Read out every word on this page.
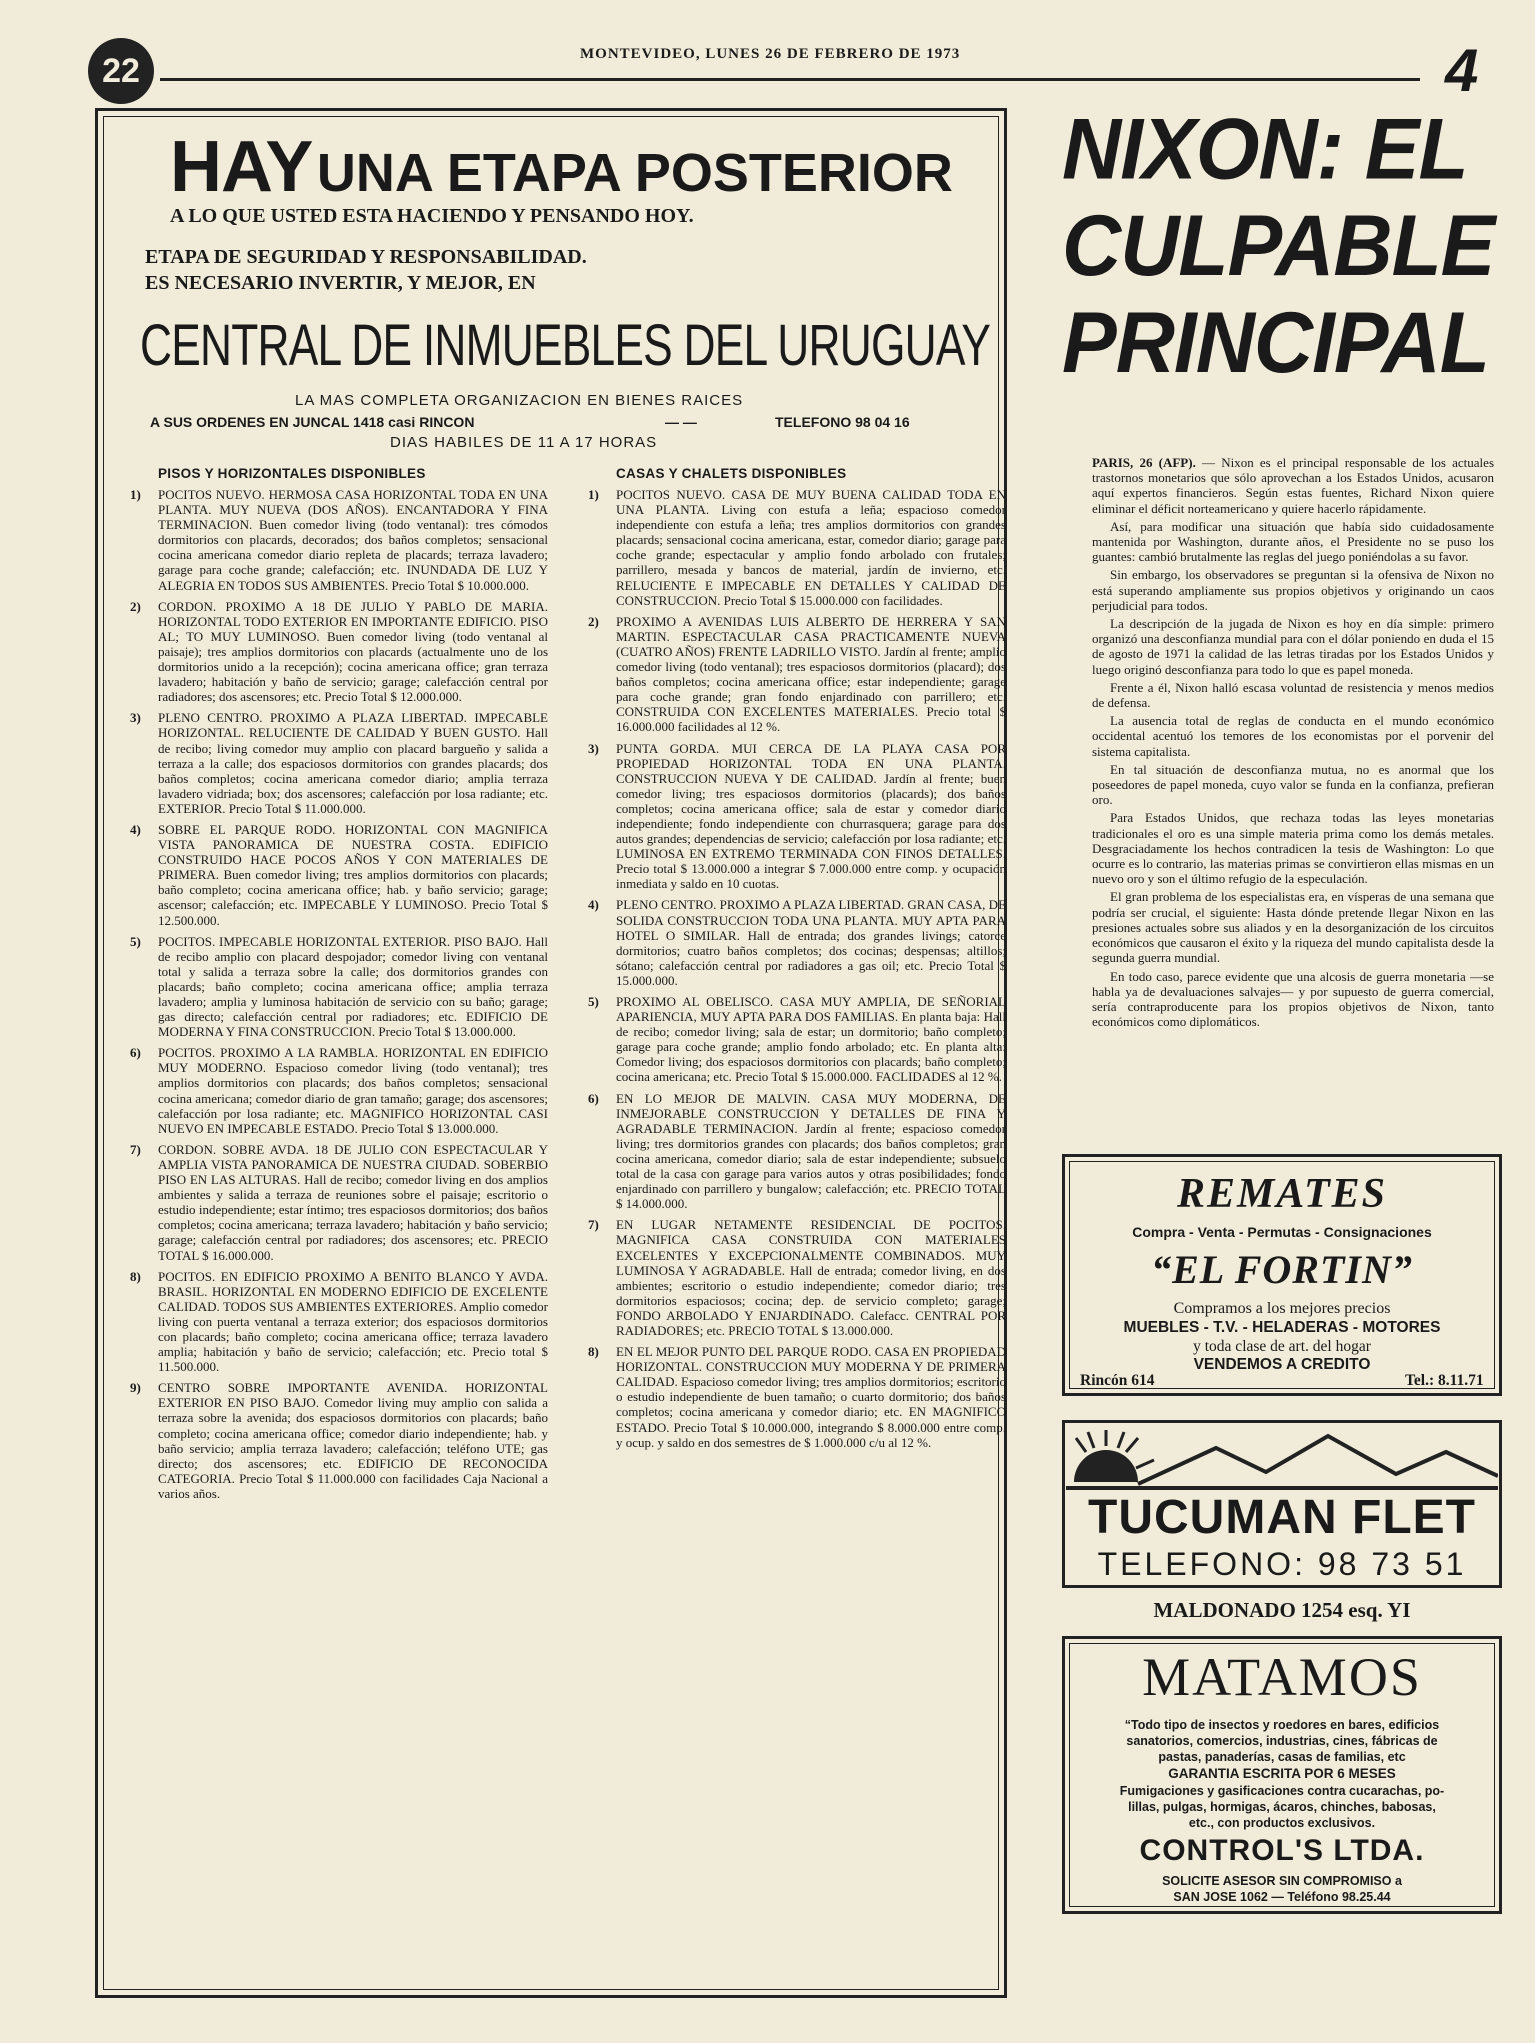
22	MONTEVIDEO, LUNES 26 DE FEBRERO DE 1973	4
HAY UNA ETAPA POSTERIOR
A LO QUE USTED ESTA HACIENDO Y PENSANDO HOY.
ETAPA DE SEGURIDAD Y RESPONSABILIDAD.
ES NECESARIO INVERTIR, Y MEJOR, EN
CENTRAL DE INMUEBLES DEL URUGUAY
LA MAS COMPLETA ORGANIZACION EN BIENES RAICES
A SUS ORDENES EN JUNCAL 1418 casi RINCON	— —	TELEFONO 98 04 16
DIAS HABILES DE 11 A 17 HORAS
PISOS Y HORIZONTALES DISPONIBLES
1) POCITOS NUEVO. HERMOSA CASA HORIZONTAL TODA EN UNA PLANTA. MUY NUEVA (DOS AÑOS). ENCANTADORA Y FINA TERMINACION. Buen comedor living (todo ventanal): tres cómodos dormitorios con placards, decorados; dos baños completos; sensacional cocina americana comedor diario repleta de placards; terraza lavadero; garage para coche grande; calefacción; etc. INUNDADA DE LUZ Y ALEGRIA EN TODOS SUS AMBIENTES. Precio Total $ 10.000.000.
2) CORDON. PROXIMO A 18 DE JULIO Y PABLO DE MARIA. HORIZONTAL TODO EXTERIOR EN IMPORTANTE EDIFICIO. PISO AL; TO MUY LUMINOSO. Buen comedor living (todo ventanal al paisaje); tres amplios dormitorios con placards (actualmente uno de los dormitorios unido a la recepción); cocina americana office; gran terraza lavadero; habitación y baño de servicio; garage; calefacción central por radiadores; dos ascensores; etc. Precio Total $ 12.000.000.
3) PLENO CENTRO. PROXIMO A PLAZA LIBERTAD. IMPECABLE HORIZONTAL. RELUCIENTE DE CALIDAD Y BUEN GUSTO. Hall de recibo; living comedor muy amplio con placard bargueño y salida a terraza a la calle; dos espaciosos dormitorios con grandes placards; dos baños completos; cocina americana comedor diario; amplia terraza lavadero vidriada; box; dos ascensores; calefacción por losa radiante; etc. EXTERIOR. Precio Total $ 11.000.000.
4) SOBRE EL PARQUE RODO. HORIZONTAL CON MAGNIFICA VISTA PANORAMICA DE NUESTRA COSTA. EDIFICIO CONSTRUIDO HACE POCOS AÑOS Y CON MATERIALES DE PRIMERA. Buen comedor living; tres amplios dormitorios con placards; baño completo; cocina americana office; hab. y baño servicio; garage; ascensor; calefacción; etc. IMPECABLE Y LUMINOSO. Precio Total $ 12.500.000.
5) POCITOS. IMPECABLE HORIZONTAL EXTERIOR. PISO BAJO. Hall de recibo amplio con placard despojador; comedor living con ventanal total y salida a terraza sobre la calle; dos dormitorios grandes con placards; baño completo; cocina americana office; amplia terraza lavadero; amplia y luminosa habitación de servicio con su baño; garage; gas directo; calefacción central por radiadores; etc. EDIFICIO DE MODERNA Y FINA CONSTRUCCION. Precio Total $ 13.000.000.
6) POCITOS. PROXIMO A LA RAMBLA. HORIZONTAL EN EDIFICIO MUY MODERNO. Espacioso comedor living (todo ventanal); tres amplios dormitorios con placards; dos baños completos; sensacional cocina americana; comedor diario de gran tamaño; garage; dos ascensores; calefacción por losa radiante; etc. MAGNIFICO HORIZONTAL CASI NUEVO EN IMPECABLE ESTADO. Precio Total $ 13.000.000.
7) CORDON. SOBRE AVDA. 18 DE JULIO CON ESPECTACULAR Y AMPLIA VISTA PANORAMICA DE NUESTRA CIUDAD. SOBERBIO PISO EN LAS ALTURAS. Hall de recibo; comedor living en dos amplios ambientes y salida a terraza de reuniones sobre el paisaje; escritorio o estudio independiente; estar íntimo; tres espaciosos dormitorios; dos baños completos; cocina americana; terraza lavadero; habitación y baño servicio; garage; calefacción central por radiadores; dos ascensores; etc. PRECIO TOTAL $ 16.000.000.
8) POCITOS. EN EDIFICIO PROXIMO A BENITO BLANCO Y AVDA. BRASIL. HORIZONTAL EN MODERNO EDIFICIO DE EXCELENTE CALIDAD. TODOS SUS AMBIENTES EXTERIORES. Amplio comedor living con puerta ventanal a terraza exterior; dos espaciosos dormitorios con placards; baño completo; cocina americana office; terraza lavadero amplia; habitación y baño de servicio; calefacción; etc. Precio total $ 11.500.000.
9) CENTRO SOBRE IMPORTANTE AVENIDA. HORIZONTAL EXTERIOR EN PISO BAJO. Comedor living muy amplio con salida a terraza sobre la avenida; dos espaciosos dormitorios con placards; baño completo; cocina americana office; comedor diario independiente; hab. y baño servicio; amplia terraza lavadero; calefacción; teléfono UTE; gas directo; dos ascensores; etc. EDIFICIO DE RECONOCIDA CATEGORIA. Precio Total $ 11.000.000 con facilidades Caja Nacional a varios años.
CASAS Y CHALETS DISPONIBLES
1) POCITOS NUEVO. CASA DE MUY BUENA CALIDAD TODA EN UNA PLANTA. Living con estufa a leña; espacioso comedor independiente con estufa a leña; tres amplios dormitorios con grandes placards; sensacional cocina americana, estar, comedor diario; garage para coche grande; espectacular y amplio fondo arbolado con frutales; parrillero, mesada y bancos de material, jardín de invierno, etc. RELUCIENTE E IMPECABLE EN DETALLES Y CALIDAD DE CONSTRUCCION. Precio Total $ 15.000.000 con facilidades.
2) PROXIMO A AVENIDAS LUIS ALBERTO DE HERRERA Y SAN MARTIN. ESPECTACULAR CASA PRACTICAMENTE NUEVA (CUATRO AÑOS) FRENTE LADRILLO VISTO. Jardín al frente; amplio comedor living (todo ventanal); tres espaciosos dormitorios (placard); dos baños completos; cocina americana office; estar independiente; garage para coche grande; gran fondo enjardinado con parrillero; etc. CONSTRUIDA CON EXCELENTES MATERIALES. Precio total $ 16.000.000 facilidades al 12 %.
3) PUNTA GORDA. MUI CERCA DE LA PLAYA CASA POR PROPIEDAD HORIZONTAL TODA EN UNA PLANTA. CONSTRUCCION NUEVA Y DE CALIDAD. Jardín al frente; buen comedor living; tres espaciosos dormitorios (placards); dos baños completos; cocina americana office; sala de estar y comedor diario independiente; fondo independiente con churrasquera; garage para dos autos grandes; dependencias de servicio; calefacción por losa radiante; etc. LUMINOSA EN EXTREMO TERMINADA CON FINOS DETALLES. Precio total $ 13.000.000 a integrar $ 7.000.000 entre comp. y ocupación inmediata y saldo en 10 cuotas.
4) PLENO CENTRO. PROXIMO A PLAZA LIBERTAD. GRAN CASA, DE SOLIDA CONSTRUCCION TODA UNA PLANTA. MUY APTA PARA HOTEL O SIMILAR. Hall de entrada; dos grandes livings; catorce dormitorios; cuatro baños completos; dos cocinas; despensas; altillos; sótano; calefacción central por radiadores a gas oil; etc. Precio Total $ 15.000.000.
5) PROXIMO AL OBELISCO. CASA MUY AMPLIA, DE SEÑORIAL APARIENCIA, MUY APTA PARA DOS FAMILIAS. En planta baja: Hall de recibo; comedor living; sala de estar; un dormitorio; baño completo; garage para coche grande; amplio fondo arbolado; etc. En planta alta: Comedor living; dos espaciosos dormitorios con placards; baño completo; cocina americana; etc. Precio Total $ 15.000.000. FACLIDADES al 12 %.
6) EN LO MEJOR DE MALVIN. CASA MUY MODERNA, DE INMEJORABLE CONSTRUCCION Y DETALLES DE FINA Y AGRADABLE TERMINACION. Jardín al frente; espacioso comedor living; tres dormitorios grandes con placards; dos baños completos; gran cocina americana, comedor diario; sala de estar independiente; subsuelo total de la casa con garage para varios autos y otras posibilidades; fondo enjardinado con parrillero y bungalow; calefacción; etc. PRECIO TOTAL $ 14.000.000.
7) EN LUGAR NETAMENTE RESIDENCIAL DE POCITOS. MAGNIFICA CASA CONSTRUIDA CON MATERIALES EXCELENTES Y EXCEPCIONALMENTE COMBINADOS. MUY LUMINOSA Y AGRADABLE. Hall de entrada; comedor living, en dos ambientes; escritorio o estudio independiente; comedor diario; tres dormitorios espaciosos; cocina; dep. de servicio completo; garage; FONDO ARBOLADO Y ENJARDINADO. Calefacc. CENTRAL POR RADIADORES; etc. PRECIO TOTAL $ 13.000.000.
8) EN EL MEJOR PUNTO DEL PARQUE RODO. CASA EN PROPIEDAD HORIZONTAL. CONSTRUCCION MUY MODERNA Y DE PRIMERA CALIDAD. Espacioso comedor living; tres amplios dormitorios; escritorio o estudio independiente de buen tamaño; o cuarto dormitorio; dos baños completos; cocina americana y comedor diario; etc. EN MAGNIFICO ESTADO. Precio Total $ 10.000.000, integrando $ 8.000.000 entre comp. y ocup. y saldo en dos semestres de $ 1.000.000 c/u al 12 %.
NIXON: EL
CULPABLE
PRINCIPAL

PARIS, 26 (AFP). — Nixon es el principal responsable de los actuales trastornos monetarios que sólo aprovechan a los Estados Unidos, acusaron aquí expertos financieros. Según estas fuentes, Richard Nixon quiere eliminar el déficit norteamericano y quiere hacerlo rápidamente.

Así, para modificar una situación que había sido cuidadosamente mantenida por Washington, durante años, el Presidente no se puso los guantes: cambió brutalmente las reglas del juego poniéndolas a su favor.

Sin embargo, los observadores se preguntan si la ofensiva de Nixon no está superando ampliamente sus propios objetivos y originando un caos perjudicial para todos.

La descripción de la jugada de Nixon es hoy en día simple: primero organizó una desconfianza mundial para con el dólar poniendo en duda el 15 de agosto de 1971 la calidad de las letras tiradas por los Estados Unidos y luego originó desconfianza para todo lo que es papel moneda.

Frente a él, Nixon halló escasa voluntad de resistencia y menos medios de defensa.

La ausencia total de reglas de conducta en el mundo económico occidental acentuó los temores de los economistas por el porvenir del sistema capitalista.

En tal situación de desconfianza mutua, no es anormal que los poseedores de papel moneda, cuyo valor se funda en la confianza, prefieran oro.

Para Estados Unidos, que rechaza todas las leyes monetarias tradicionales el oro es una simple materia prima como los demás metales. Desgraciadamente los hechos contradicen la tesis de Washington: Lo que ocurre es lo contrario, las materias primas se convirtieron ellas mismas en un nuevo oro y son el último refugio de la especulación.

El gran problema de los especialistas era, en vísperas de una semana que podría ser crucial, el siguiente: Hasta dónde pretende llegar Nixon en las presiones actuales sobre sus aliados y en la desorganización de los circuitos económicos que causaron el éxito y la riqueza del mundo capitalista desde la segunda guerra mundial.

En todo caso, parece evidente que una alcosis de guerra monetaria —se habla ya de devaluaciones salvajes— y por supuesto de guerra comercial, sería contraproducente para los propios objetivos de Nixon, tanto económicos como diplomáticos.

REMATES
Compra - Venta - Permutas - Consignaciones
“EL FORTIN”
Compramos a los mejores precios
MUEBLES - T.V. - HELADERAS - MOTORES
y toda clase de art. del hogar
VENDEMOS A CREDITO
Rincón 614	Tel.: 8.11.71
TUCUMAN FLET
TELEFONO: 98 73 51
MALDONADO 1254 esq. YI
MATAMOS
“Todo tipo de insectos y roedores en bares, edificios
sanatorios, comercios, industrias, cines, fábricas de
pastas, panaderías, casas de familias, etc
GARANTIA ESCRITA POR 6 MESES
Fumigaciones y gasificaciones contra cucarachas, po-
lillas, pulgas, hormigas, ácaros, chinches, babosas,
etc., con productos exclusivos.
CONTROL'S LTDA.
SOLICITE ASESOR SIN COMPROMISO a
SAN JOSE 1062 — Teléfono 98.25.44
